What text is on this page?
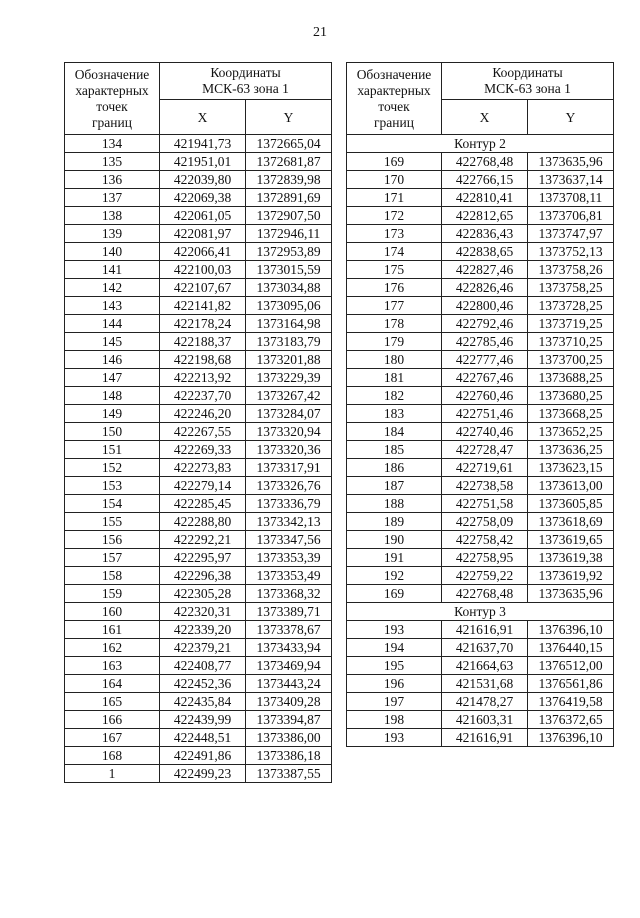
21
Обозначение
характерных
точек
границ	Координаты
МСК-63 зона 1	
	X	Y
134	421941,73	1372665,04
135	421951,01	1372681,87
136	422039,80	1372839,98
137	422069,38	1372891,69
138	422061,05	1372907,50
139	422081,97	1372946,11
140	422066,41	1372953,89
141	422100,03	1373015,59
142	422107,67	1373034,88
143	422141,82	1373095,06
144	422178,24	1373164,98
145	422188,37	1373183,79
146	422198,68	1373201,88
147	422213,92	1373229,39
148	422237,70	1373267,42
149	422246,20	1373284,07
150	422267,55	1373320,94
151	422269,33	1373320,36
152	422273,83	1373317,91
153	422279,14	1373326,76
154	422285,45	1373336,79
155	422288,80	1373342,13
156	422292,21	1373347,56
157	422295,97	1373353,39
158	422296,38	1373353,49
159	422305,28	1373368,32
160	422320,31	1373389,71
161	422339,20	1373378,67
162	422379,21	1373433,94
163	422408,77	1373469,94
164	422452,36	1373443,24
165	422435,84	1373409,28
166	422439,99	1373394,87
167	422448,51	1373386,00
168	422491,86	1373386,18
1	422499,23	1373387,55
Обозначение
характерных
точек
границ	Координаты
МСК-63 зона 1	
	X	Y
Контур 2		
169	422768,48	1373635,96
170	422766,15	1373637,14
171	422810,41	1373708,11
172	422812,65	1373706,81
173	422836,43	1373747,97
174	422838,65	1373752,13
175	422827,46	1373758,26
176	422826,46	1373758,25
177	422800,46	1373728,25
178	422792,46	1373719,25
179	422785,46	1373710,25
180	422777,46	1373700,25
181	422767,46	1373688,25
182	422760,46	1373680,25
183	422751,46	1373668,25
184	422740,46	1373652,25
185	422728,47	1373636,25
186	422719,61	1373623,15
187	422738,58	1373613,00
188	422751,58	1373605,85
189	422758,09	1373618,69
190	422758,42	1373619,65
191	422758,95	1373619,38
192	422759,22	1373619,92
169	422768,48	1373635,96
Контур 3		
193	421616,91	1376396,10
194	421637,70	1376440,15
195	421664,63	1376512,00
196	421531,68	1376561,86
197	421478,27	1376419,58
198	421603,31	1376372,65
193	421616,91	1376396,10
